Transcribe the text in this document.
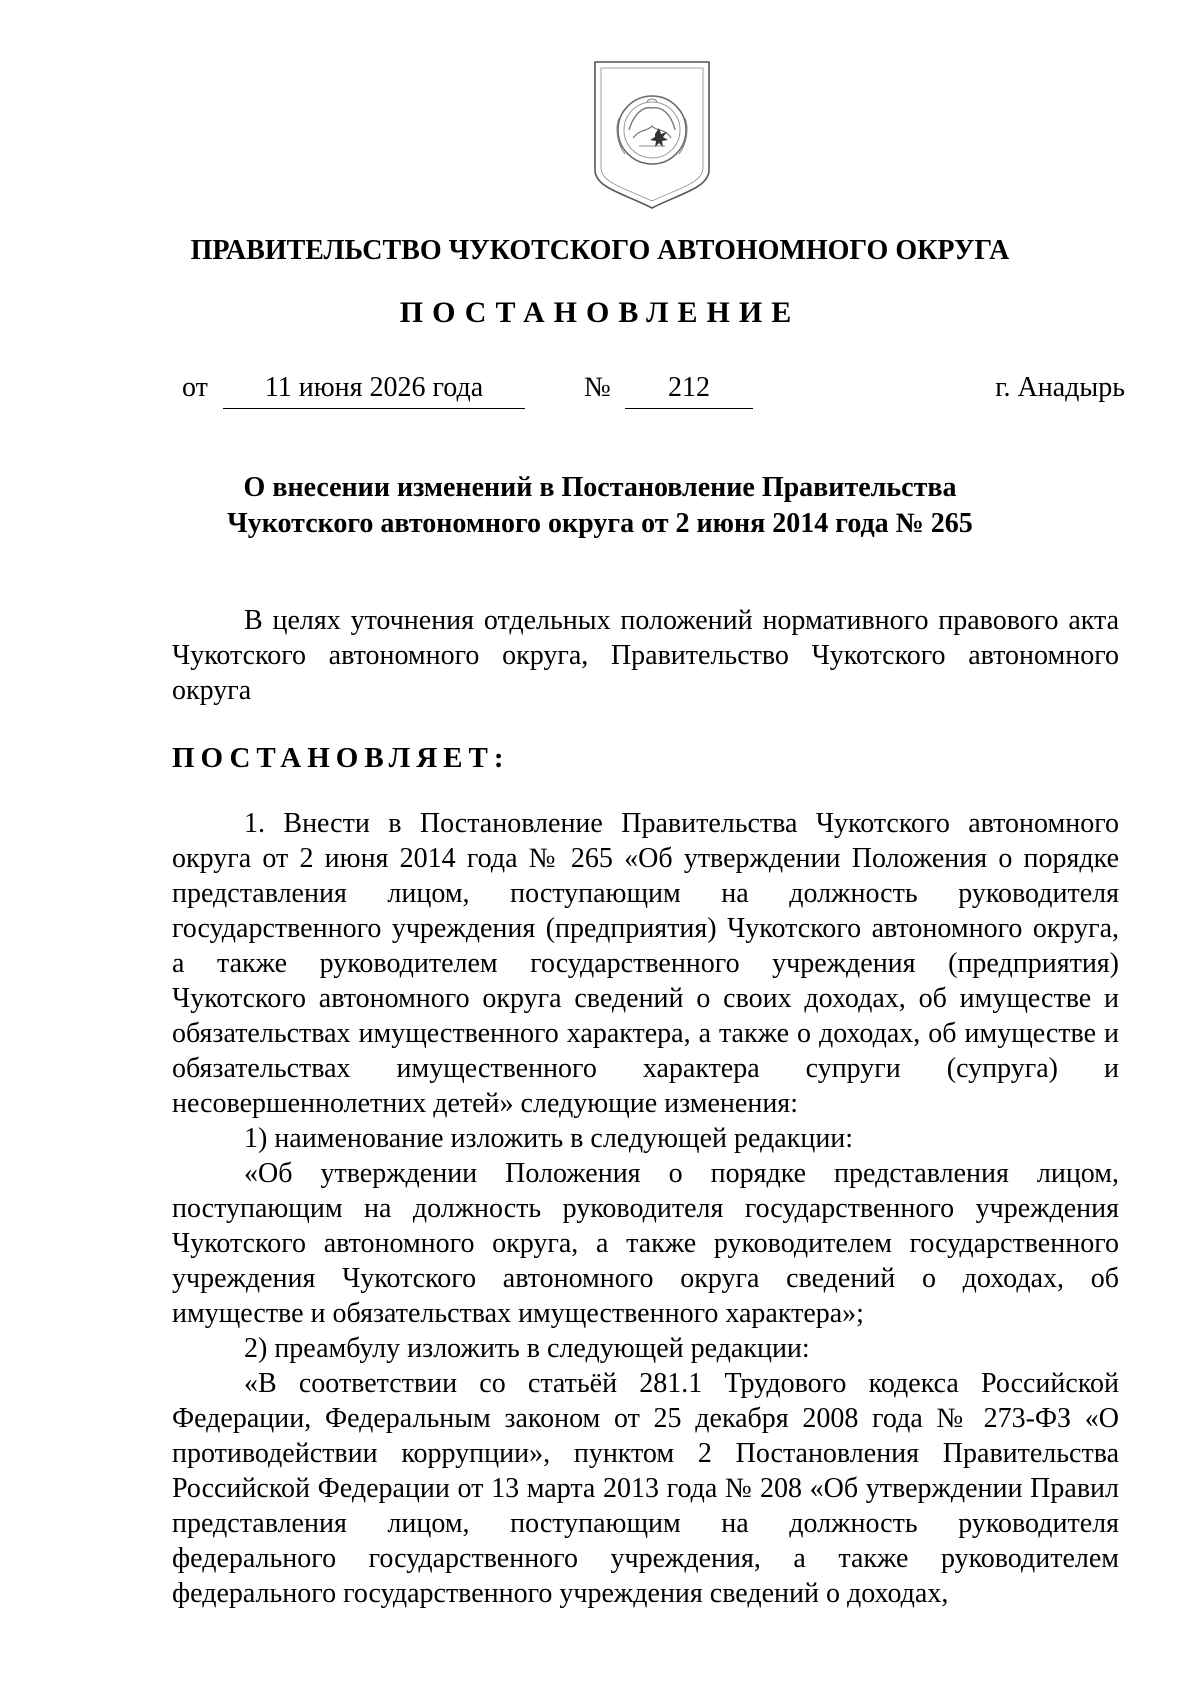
ПРАВИТЕЛЬСТВО ЧУКОТСКОГО АВТОНОМНОГО ОКРУГА
ПОСТАНОВЛЕНИЕ
от	11 июня 2026 года	№	212	г. Анадырь
О внесении изменений в Постановление Правительства
Чукотского автономного округа от 2 июня 2014 года № 265

В целях уточнения отдельных положений нормативного правового акта Чукотского автономного округа, Правительство Чукотского автономного округа

ПОСТАНОВЛЯЕТ:

1. Внести в Постановление Правительства Чукотского автономного округа от 2 июня 2014 года № 265 «Об утверждении Положения о порядке представления лицом, поступающим на должность руководителя государственного учреждения (предприятия) Чукотского автономного округа, а также руководителем государственного учреждения (предприятия) Чукотского автономного округа сведений о своих доходах, об имуществе и обязательствах имущественного характера, а также о доходах, об имуществе и обязательствах имущественного характера супруги (супруга) и несовершеннолетних детей» следующие изменения:

1) наименование изложить в следующей редакции:

«Об утверждении Положения о порядке представления лицом, поступающим на должность руководителя государственного учреждения Чукотского автономного округа, а также руководителем государственного учреждения Чукотского автономного округа сведений о доходах, об имуществе и обязательствах имущественного характера»;

2) преамбулу изложить в следующей редакции:

«В соответствии со статьёй 281.1 Трудового кодекса Российской Федерации, Федеральным законом от 25 декабря 2008 года № 273-ФЗ «О противодействии коррупции», пунктом 2 Постановления Правительства Российской Федерации от 13 марта 2013 года № 208 «Об утверждении Правил представления лицом, поступающим на должность руководителя федерального государственного учреждения, а также руководителем федерального государственного учреждения сведений о доходах,
